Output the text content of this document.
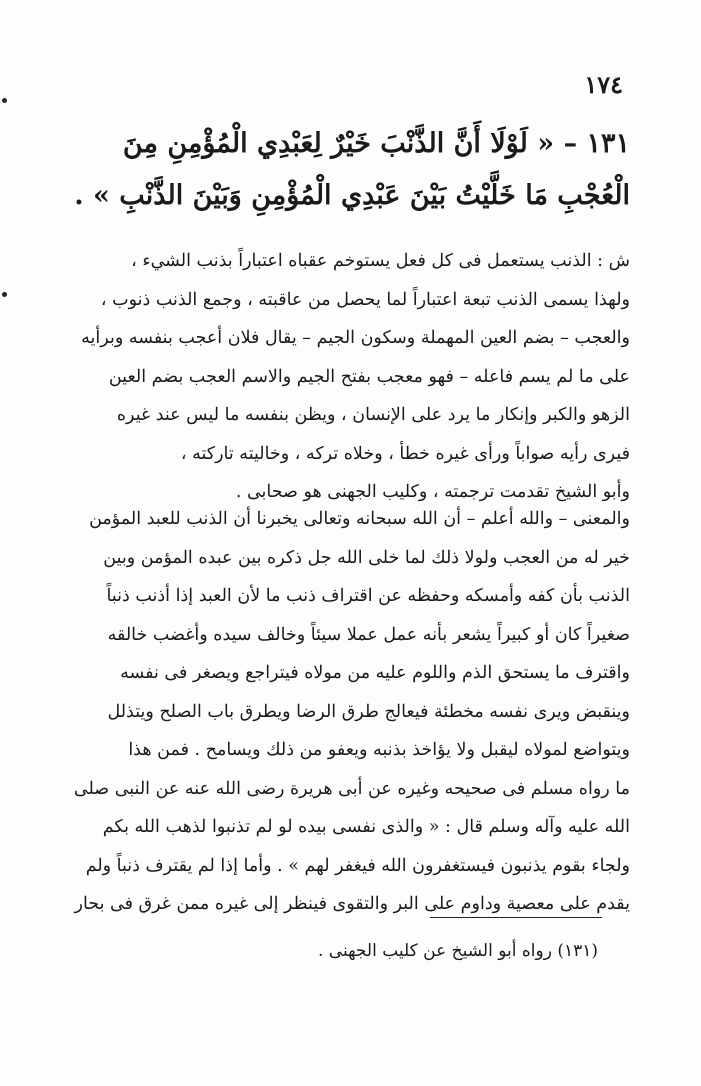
١٧٤
١٣١ – « لَوْلَا أَنَّ الذَّنْبَ خَيْرٌ لِعَبْدِي الْمُؤْمِنِ مِنَ
الْعُجْبِ مَا خَلَّيْتُ بَيْنَ عَبْدِي الْمُؤْمِنِ وَبَيْنَ الذَّنْبِ » .
ش : الذنب يستعمل فى كل فعل يستوخم عقباه اعتباراً بذنب الشيء ،
ولهذا يسمى الذنب تبعة اعتباراً لما يحصل من عاقبته ، وجمع الذنب ذنوب ،
والعجب – بضم العين المهملة وسكون الجيم – يقال فلان أعجب بنفسه وبرأيه
على ما لم يسم فاعله – فهو معجب بفتح الجيم والاسم العجب بضم العين
الزهو والكبر وإنكار ما يرد على الإنسان ، ويظن بنفسه ما ليس عند غيره
فيرى رأيه صواباً ورأى غيره خطأ ، وخلاه تركه ، وخاليته تاركته ،
وأبو الشيخ تقدمت ترجمته ، وكليب الجهنى هو صحابى .
والمعنى – والله أعلم – أن الله سبحانه وتعالى يخبرنا أن الذنب للعبد المؤمن
خير له من العجب ولولا ذلك لما خلى الله جل ذكره بين عبده المؤمن وبين
الذنب بأن كفه وأمسكه وحفظه عن اقتراف ذنب ما لأن العبد إذا أذنب ذنباً
صغيراً كان أو كبيراً يشعر بأنه عمل عملا سيئاً وخالف سيده وأغضب خالقه
واقترف ما يستحق الذم واللوم عليه من مولاه فيتراجع ويصغر فى نفسه
وينقبض ويرى نفسه مخطئة فيعالج طرق الرضا ويطرق باب الصلح ويتذلل
ويتواضع لمولاه ليقبل ولا يؤاخذ بذنبه ويعفو من ذلك ويسامح . فمن هذا
ما رواه مسلم فى صحيحه وغيره عن أبى هريرة رضى الله عنه عن النبى صلى
الله عليه وآله وسلم قال : « والذى نفسى بيده لو لم تذنبوا لذهب الله بكم
ولجاء بقوم يذنبون فيستغفرون الله فيغفر لهم » . وأما إذا لم يقترف ذنباً ولم
يقدم على معصية وداوم على البر والتقوى فينظر إلى غيره ممن غرق فى بحار
(١٣١) رواه أبو الشيخ عن كليب الجهنى .
